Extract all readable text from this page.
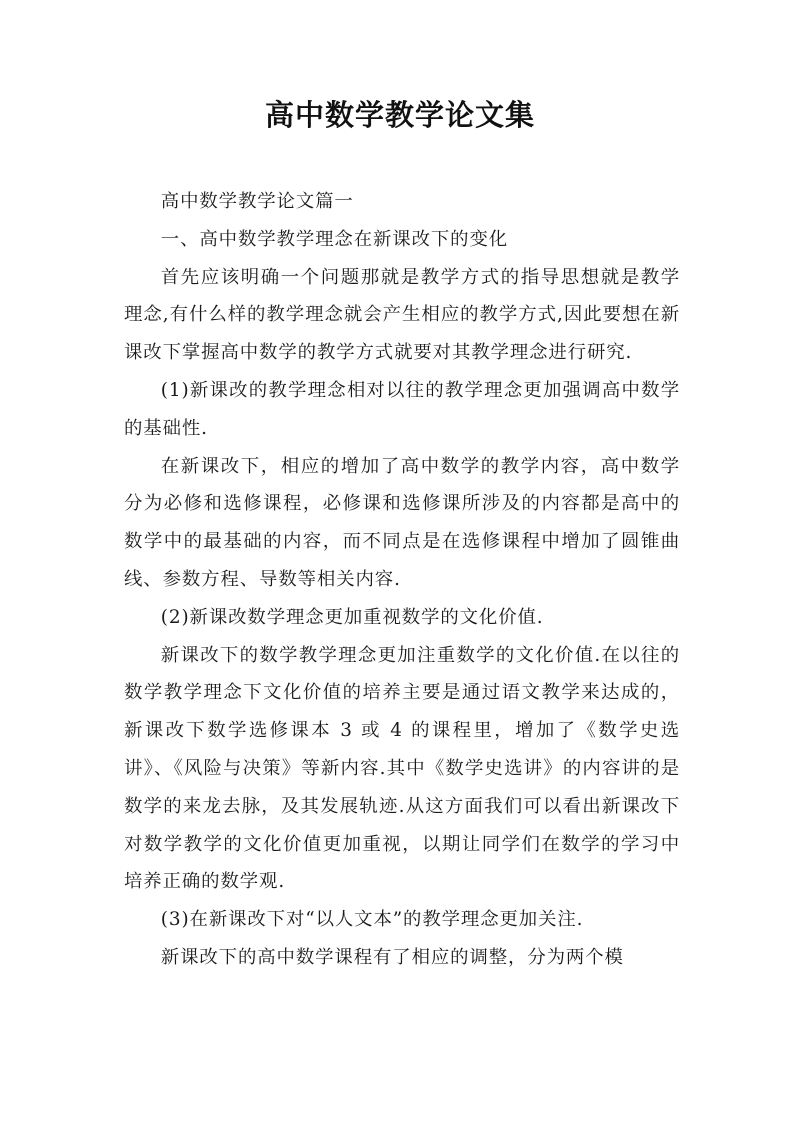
高中数学教学论文集

高中数学教学论文篇一

一、高中数学教学理念在新课改下的变化

首先应该明确一个问题那就是教学方式的指导思想就是教学理念,有什么样的教学理念就会产生相应的教学方式,因此要想在新课改下掌握高中数学的教学方式就要对其教学理念进行研究.

(1)新课改的教学理念相对以往的教学理念更加强调高中数学的基础性.

在新课改下，相应的增加了高中数学的教学内容，高中数学分为必修和选修课程，必修课和选修课所涉及的内容都是高中的数学中的最基础的内容，而不同点是在选修课程中增加了圆锥曲线、参数方程、导数等相关内容.

(2)新课改数学理念更加重视数学的文化价值.

新课改下的数学教学理念更加注重数学的文化价值.在以往的数学教学理念下文化价值的培养主要是通过语文教学来达成的，新课改下数学选修课本 3 或 4 的课程里，增加了《数学史选讲》、《风险与决策》等新内容.其中《数学史选讲》的内容讲的是数学的来龙去脉，及其发展轨迹.从这方面我们可以看出新课改下对数学教学的文化价值更加重视，以期让同学们在数学的学习中培养正确的数学观.

(3)在新课改下对“以人文本”的教学理念更加关注.

新课改下的高中数学课程有了相应的调整，分为两个模
